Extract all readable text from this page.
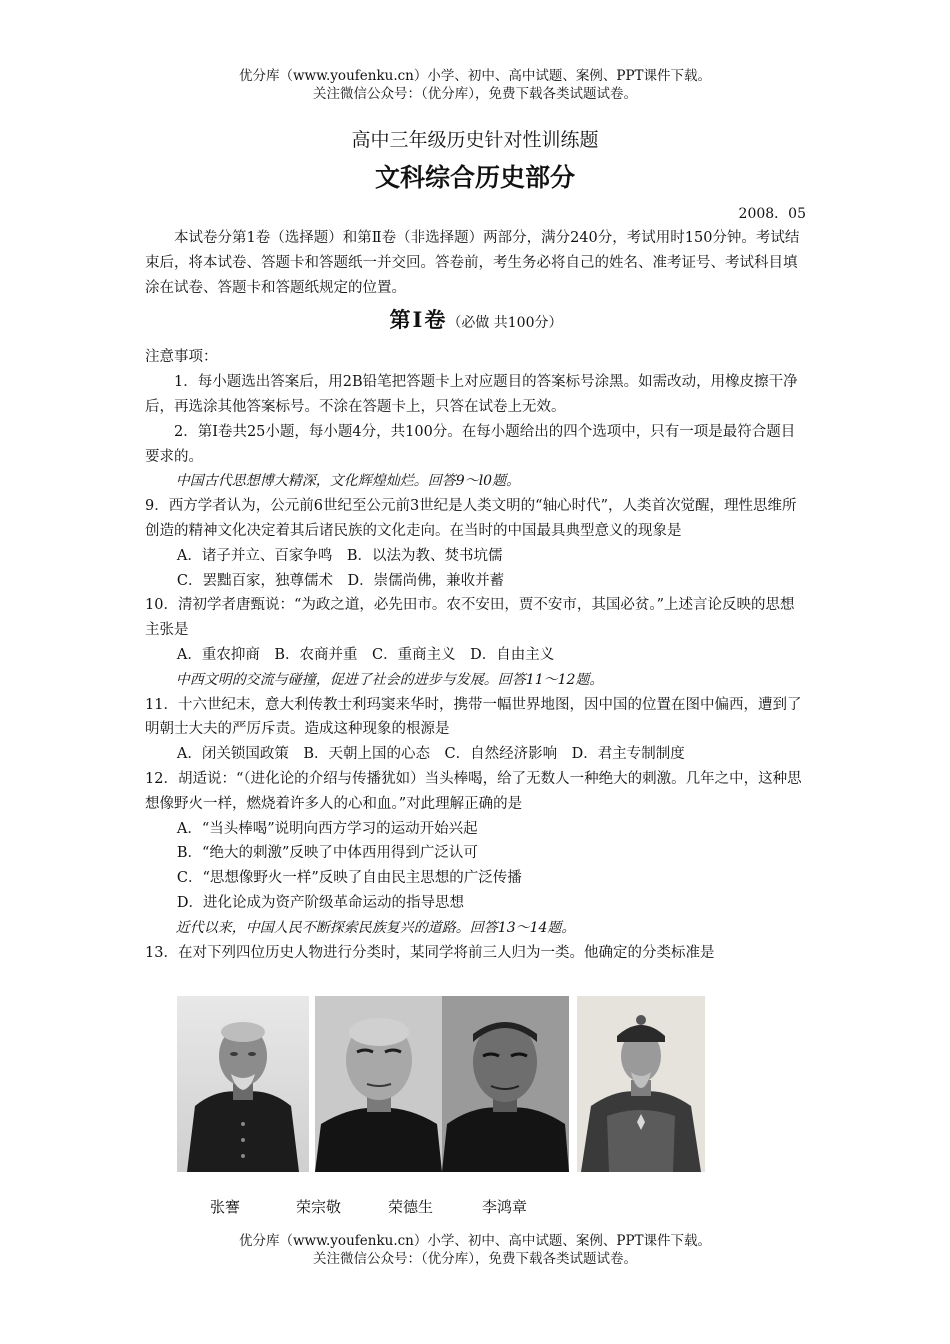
优分库（www.youfenku.cn）小学、初中、高中试题、案例、PPT课件下载。
关注微信公众号：（优分库），免费下载各类试题试卷。
高中三年级历史针对性训练题
文科综合历史部分
2008．05

本试卷分第1卷（选择题）和第Ⅱ卷（非选择题）两部分，满分240分，考试用时150分钟。考试结束后，将本试卷、答题卡和答题纸一并交回。答卷前，考生务必将自己的姓名、准考证号、考试科目填涂在试卷、答题卡和答题纸规定的位置。

第Ⅰ卷（必做 共100分）

注意事项：

1．每小题选出答案后，用2B铅笔把答题卡上对应题目的答案标号涂黑。如需改动，用橡皮擦干净后，再选涂其他答案标号。不涂在答题卡上，只答在试卷上无效。

2．第Ⅰ卷共25小题，每小题4分，共100分。在每小题给出的四个选项中，只有一项是最符合题目要求的。

中国古代思想博大精深，文化辉煌灿烂。回答9～l0题。

9．西方学者认为，公元前6世纪至公元前3世纪是人类文明的“轴心时代”，人类首次觉醒，理性思维所创造的精神文化决定着其后诸民族的文化走向。在当时的中国最具典型意义的现象是

A．诸子并立、百家争鸣　B．以法为教、焚书坑儒

C．罢黜百家，独尊儒术　D．崇儒尚佛，兼收并蓄

10．清初学者唐甄说：“为政之道，必先田市。农不安田，贾不安市，其国必贫。”上述言论反映的思想主张是

A．重农抑商　B．农商并重　C．重商主义　D．自由主义

中西文明的交流与碰撞，促进了社会的进步与发展。回答11～12题。

11．十六世纪末，意大利传教士利玛窦来华时，携带一幅世界地图，因中国的位置在图中偏西，遭到了明朝士大夫的严厉斥责。造成这种现象的根源是

A．闭关锁国政策　B．天朝上国的心态　C．自然经济影响　D．君主专制制度

12．胡适说：“（进化论的介绍与传播犹如）当头棒喝，给了无数人一种绝大的刺激。几年之中，这种思想像野火一样，燃烧着许多人的心和血。”对此理解正确的是

A．“当头棒喝”说明向西方学习的运动开始兴起

B．“绝大的刺激”反映了中体西用得到广泛认可

C．“思想像野火一样”反映了自由民主思想的广泛传播

D．进化论成为资产阶级革命运动的指导思想

近代以来，中国人民不断探索民族复兴的道路。回答13～14题。

13．在对下列四位历史人物进行分类时，某同学将前三人归为一类。他确定的分类标准是

张謇	荣宗敬	荣德生	李鸿章
优分库（www.youfenku.cn）小学、初中、高中试题、案例、PPT课件下载。
关注微信公众号：（优分库），免费下载各类试题试卷。
